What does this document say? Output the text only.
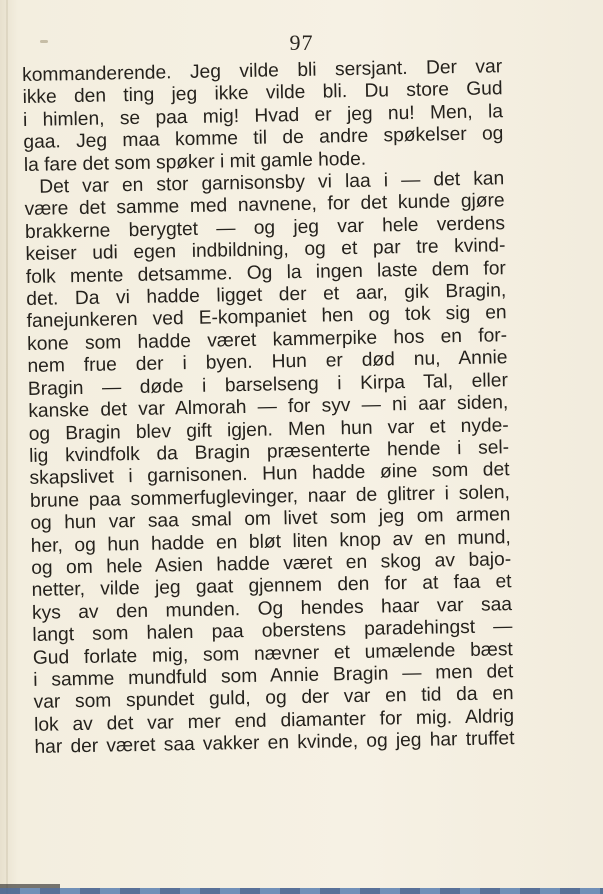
97
kommanderende. Jeg vilde bli sersjant. Der var
ikke den ting jeg ikke vilde bli. Du store Gud
i himlen, se paa mig! Hvad er jeg nu! Men, la
gaa. Jeg maa komme til de andre spøkelser og
la fare det som spøker i mit gamle hode.
Det var en stor garnisonsby vi laa i — det kan
være det samme med navnene, for det kunde gjøre
brakkerne berygtet — og jeg var hele verdens
keiser udi egen indbildning, og et par tre kvind-
folk mente detsamme. Og la ingen laste dem for
det. Da vi hadde ligget der et aar, gik Bragin,
fanejunkeren ved E-kompaniet hen og tok sig en
kone som hadde været kammerpike hos en for-
nem frue der i byen. Hun er død nu, Annie
Bragin — døde i barselseng i Kirpa Tal, eller
kanske det var Almorah — for syv — ni aar siden,
og Bragin blev gift igjen. Men hun var et nyde-
lig kvindfolk da Bragin præsenterte hende i sel-
skapslivet i garnisonen. Hun hadde øine som det
brune paa sommerfuglevinger, naar de glitrer i solen,
og hun var saa smal om livet som jeg om armen
her, og hun hadde en bløt liten knop av en mund,
og om hele Asien hadde været en skog av bajo-
netter, vilde jeg gaat gjennem den for at faa et
kys av den munden. Og hendes haar var saa
langt som halen paa oberstens paradehingst —
Gud forlate mig, som nævner et umælende bæst
i samme mundfuld som Annie Bragin — men det
var som spundet guld, og der var en tid da en
lok av det var mer end diamanter for mig. Aldrig
har der været saa vakker en kvinde, og jeg har truffet
